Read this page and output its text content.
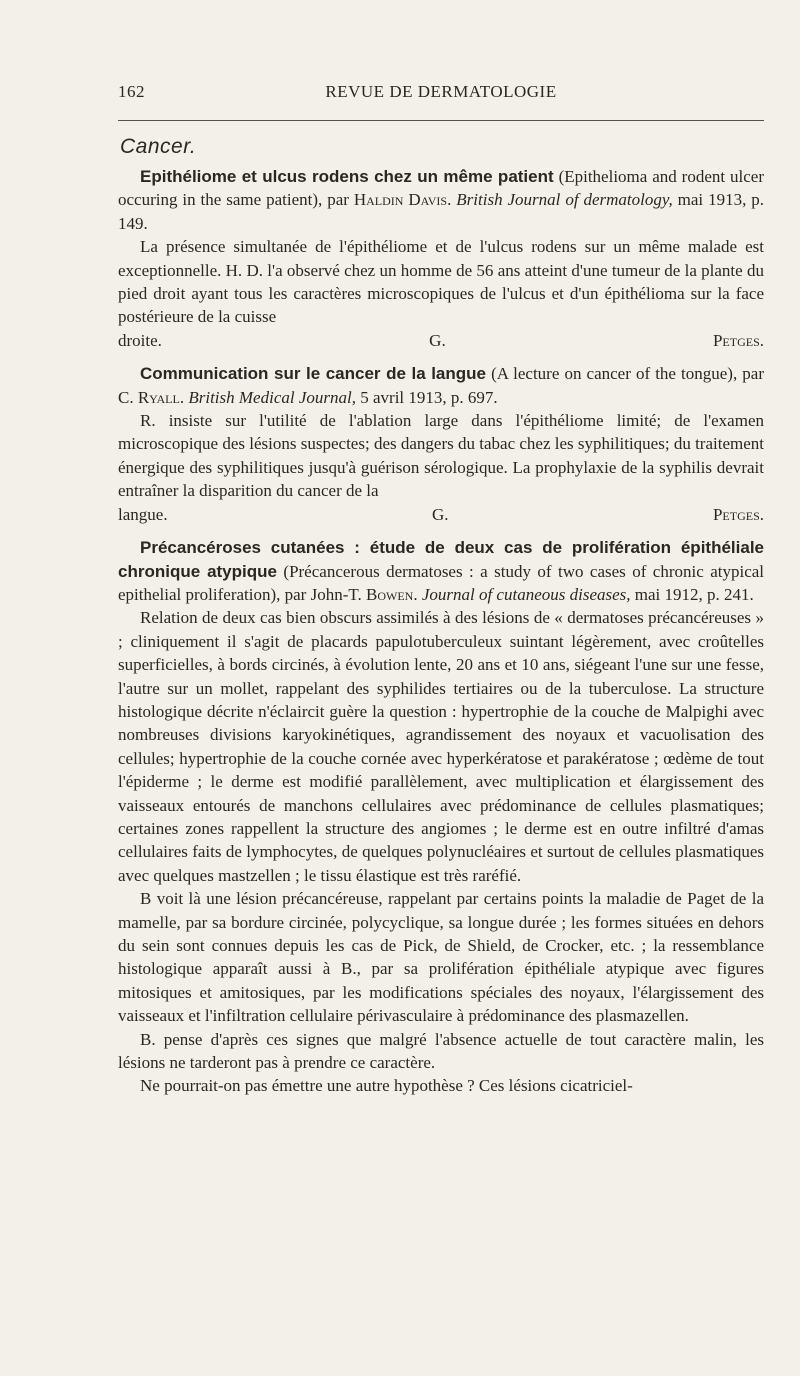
162	REVUE DE DERMATOLOGIE
Cancer.

Epithéliome et ulcus rodens chez un même patient (Epithelioma and rodent ulcer occuring in the same patient), par Haldin Davis. British Journal of dermatology, mai 1913, p. 149.

La présence simultanée de l'épithéliome et de l'ulcus rodens sur un même malade est exceptionnelle. H. D. l'a observé chez un homme de 56 ans atteint d'une tumeur de la plante du pied droit ayant tous les caractères microscopiques de l'ulcus et d'un épithélioma sur la face postérieure de la cuisse

droite.	G.	Petges.

Communication sur le cancer de la langue (A lecture on cancer of the tongue), par C. Ryall. British Medical Journal, 5 avril 1913, p. 697.

R. insiste sur l'utilité de l'ablation large dans l'épithéliome limité; de l'examen microscopique des lésions suspectes; des dangers du tabac chez les syphilitiques; du traitement énergique des syphilitiques jusqu'à guérison sérologique. La prophylaxie de la syphilis devrait entraîner la disparition du cancer de la

langue.	G.	Petges.

Précancéroses cutanées : étude de deux cas de prolifération épithéliale chronique atypique (Précancerous dermatoses : a study of two cases of chronic atypical epithelial proliferation), par John-T. Bowen. Journal of cutaneous diseases, mai 1912, p. 241.

Relation de deux cas bien obscurs assimilés à des lésions de « dermatoses précancéreuses » ; cliniquement il s'agit de placards papulotuberculeux suintant légèrement, avec croûtelles superficielles, à bords circinés, à évolution lente, 20 ans et 10 ans, siégeant l'une sur une fesse, l'autre sur un mollet, rappelant des syphilides tertiaires ou de la tuberculose. La structure histologique décrite n'éclaircit guère la question : hypertrophie de la couche de Malpighi avec nombreuses divisions karyokinétiques, agrandissement des noyaux et vacuolisation des cellules; hypertrophie de la couche cornée avec hyperkératose et parakératose ; œdème de tout l'épiderme ; le derme est modifié parallèlement, avec multiplication et élargissement des vaisseaux entourés de manchons cellulaires avec prédominance de cellules plasmatiques; certaines zones rappellent la structure des angiomes ; le derme est en outre infiltré d'amas cellulaires faits de lymphocytes, de quelques polynucléaires et surtout de cellules plasmatiques avec quelques mastzellen ; le tissu élastique est très raréfié.

B voit là une lésion précancéreuse, rappelant par certains points la maladie de Paget de la mamelle, par sa bordure circinée, polycyclique, sa longue durée ; les formes situées en dehors du sein sont connues depuis les cas de Pick, de Shield, de Crocker, etc. ; la ressemblance histologique apparaît aussi à B., par sa prolifération épithéliale atypique avec figures mitosiques et amitosiques, par les modifications spéciales des noyaux, l'élargissement des vaisseaux et l'infiltration cellulaire périvasculaire à prédominance des plasmazellen.

B. pense d'après ces signes que malgré l'absence actuelle de tout caractère malin, les lésions ne tarderont pas à prendre ce caractère.

Ne pourrait-on pas émettre une autre hypothèse ? Ces lésions cicatriciel-
